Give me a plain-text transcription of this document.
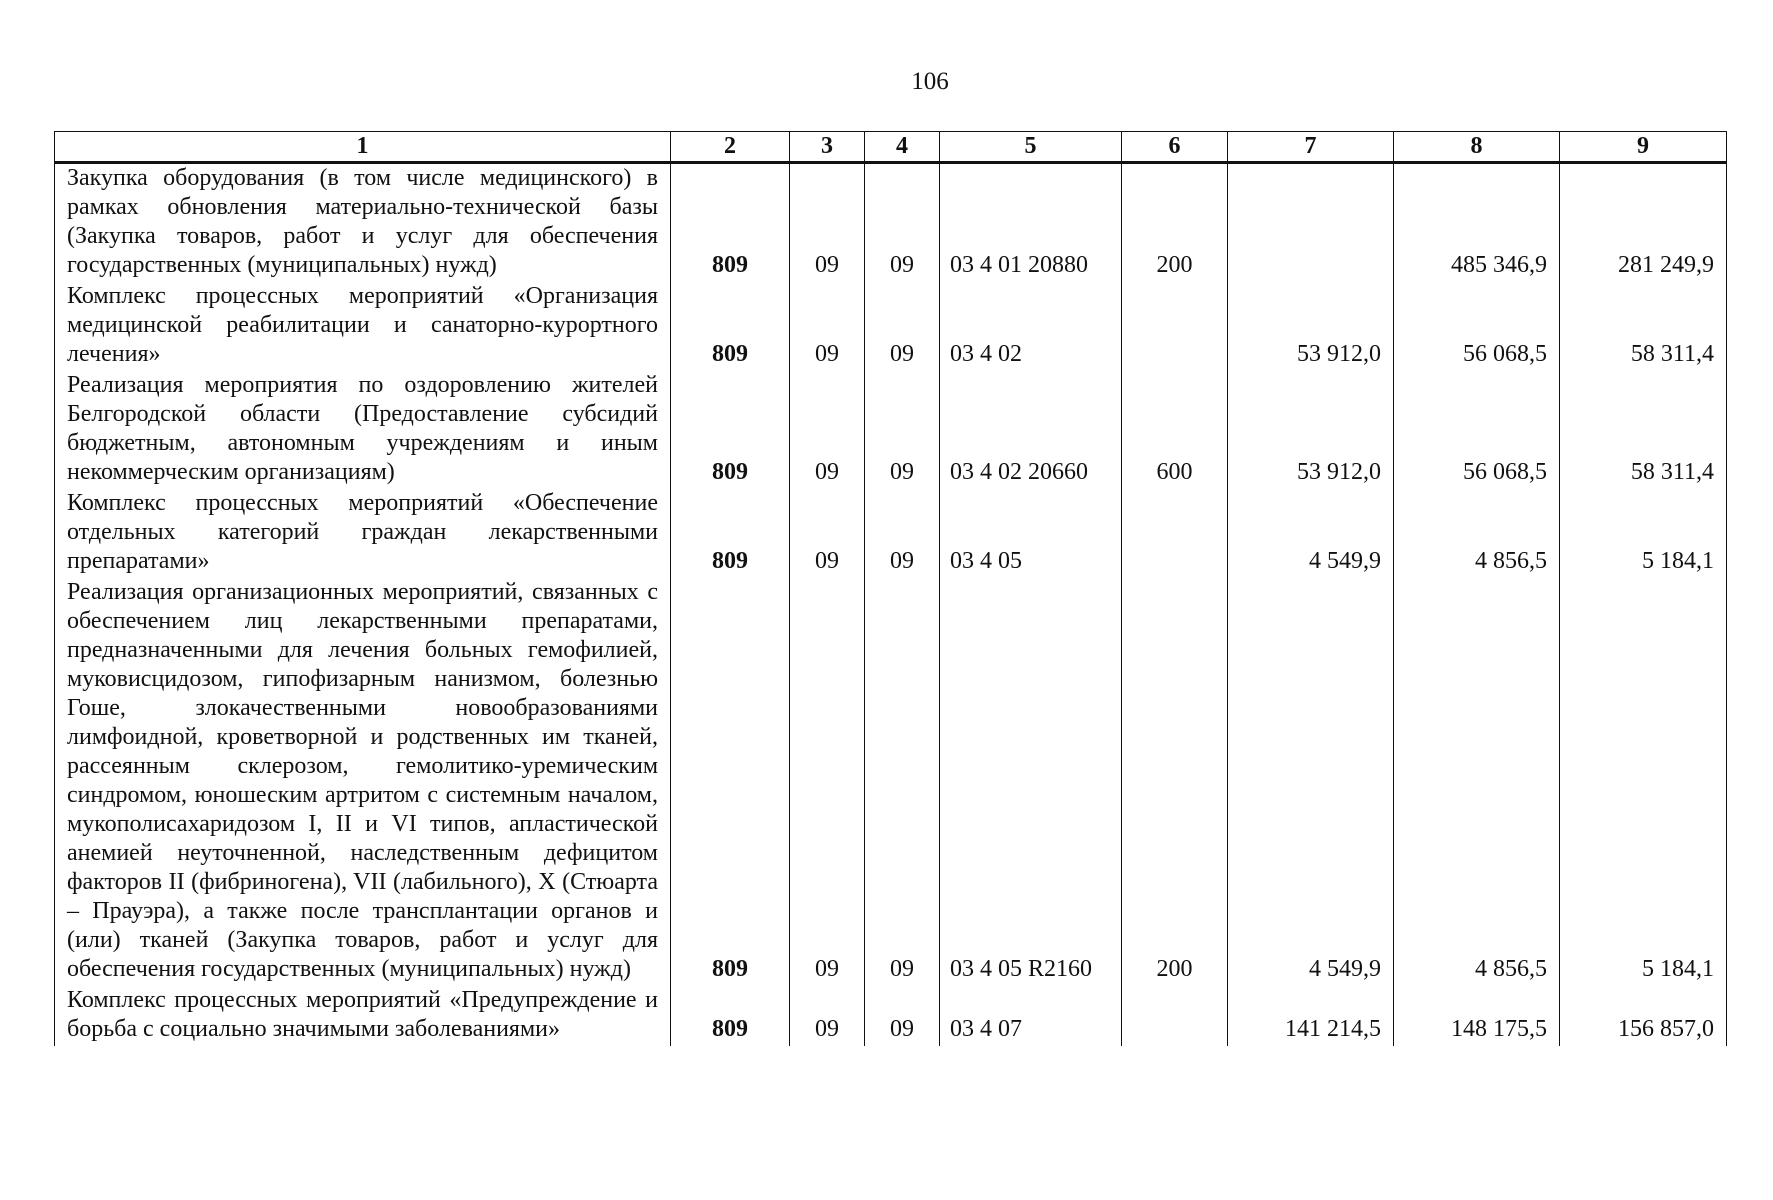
106
1	2	3	4	5	6	7	8	9
Закупка оборудования (в том числе медицинского) в рамках обновления материально-технической базы (Закупка товаров, работ и услуг для обеспечения государственных (муниципальных) нужд)	809	09	09	03 4 01 20880	200		485 346,9	281 249,9
Комплекс процессных мероприятий «Организация медицинской реабилитации и санаторно-курортного лечения»	809	09	09	03 4 02		53 912,0	56 068,5	58 311,4
Реализация мероприятия по оздоровлению жителей Белгородской области (Предоставление субсидий бюджетным, автономным учреждениям и иным некоммерческим организациям)	809	09	09	03 4 02 20660	600	53 912,0	56 068,5	58 311,4
Комплекс процессных мероприятий «Обеспечение отдельных категорий граждан лекарственными препаратами»	809	09	09	03 4 05		4 549,9	4 856,5	5 184,1
Реализация организационных мероприятий, связанных с обеспечением лиц лекарственными препаратами, предназначенными для лечения больных гемофилией, муковисцидозом, гипофизарным нанизмом, болезнью Гоше, злокачественными новообразованиями лимфоидной, кроветворной и родственных им тканей, рассеянным склерозом, гемолитико-уремическим синдромом, юношеским артритом с системным началом, мукополисахаридозом I, II и VI типов, апластической анемией неуточненной, наследственным дефицитом факторов II (фибриногена), VII (лабильного), X (Стюарта – Прауэра), а также после трансплантации органов и (или) тканей (Закупка товаров, работ и услуг для обеспечения государственных (муниципальных) нужд)	809	09	09	03 4 05 R2160	200	4 549,9	4 856,5	5 184,1
Комплекс процессных мероприятий «Предупреждение и борьба с социально значимыми заболеваниями»	809	09	09	03 4 07		141 214,5	148 175,5	156 857,0
